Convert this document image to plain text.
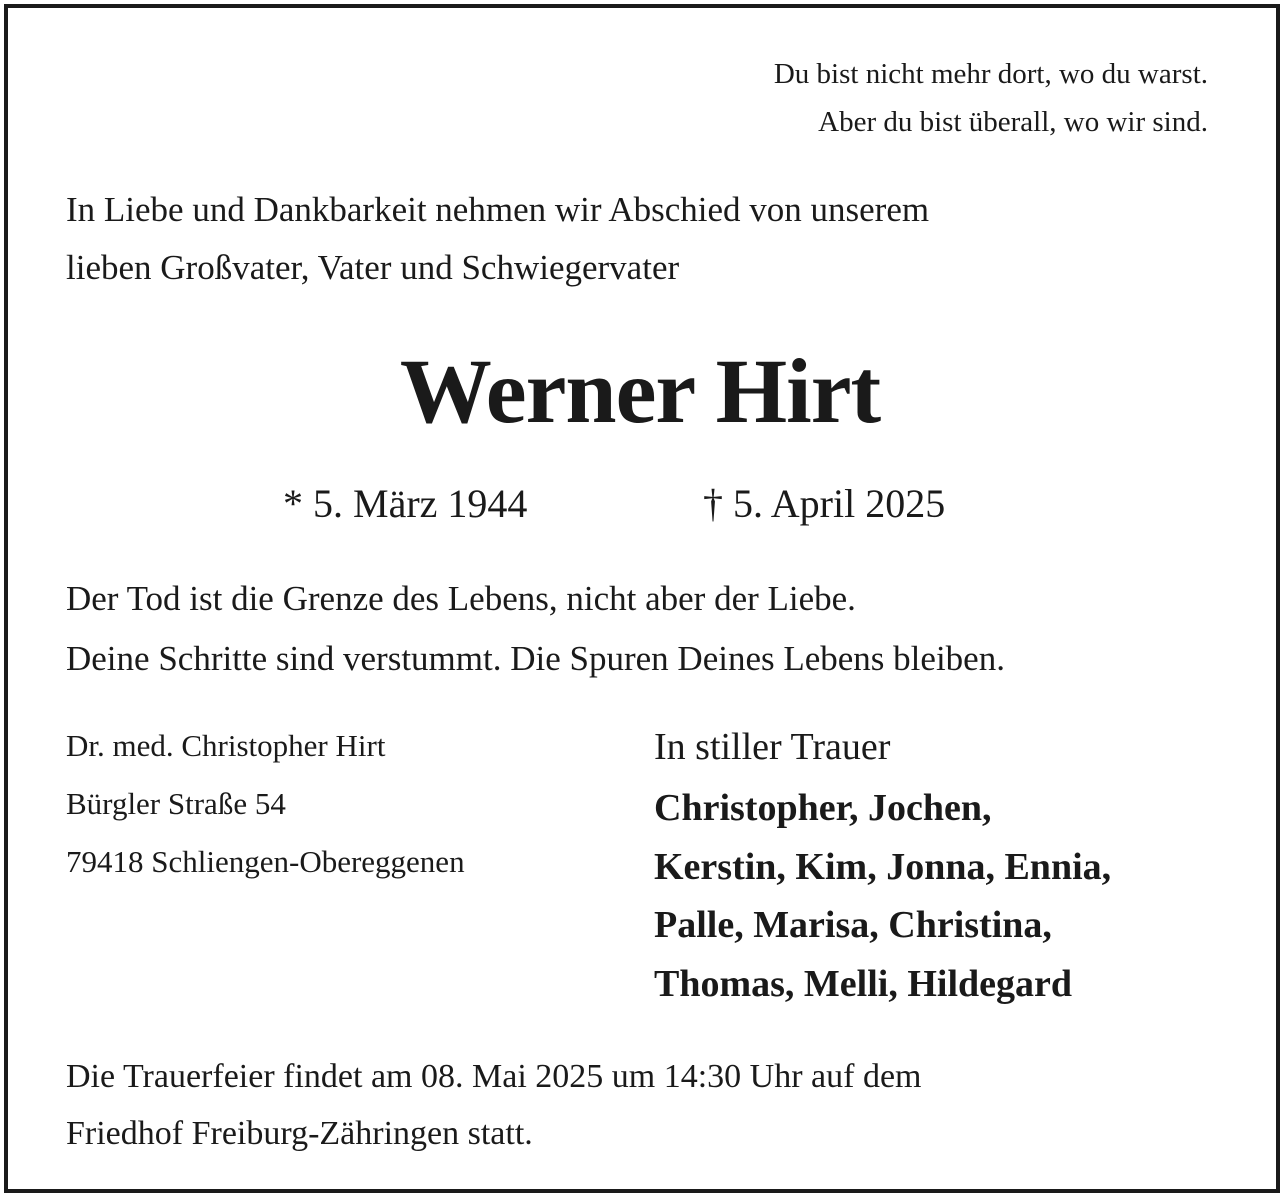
Du bist nicht mehr dort, wo du warst.
Aber du bist überall, wo wir sind.
In Liebe und Dankbarkeit nehmen wir Abschied von unserem
lieben Großvater, Vater und Schwiegervater
Werner Hirt
* 5. März 1944	† 5. April 2025
Der Tod ist die Grenze des Lebens, nicht aber der Liebe.
Deine Schritte sind verstummt. Die Spuren Deines Lebens bleiben.
Dr. med. Christopher Hirt
Bürgler Straße 54
79418 Schliengen-Obereggenen
In stiller Trauer
Christopher, Jochen,
Kerstin, Kim, Jonna, Ennia,
Palle, Marisa, Christina,
Thomas, Melli, Hildegard
Die Trauerfeier findet am 08. Mai 2025 um 14:30 Uhr auf dem
Friedhof Freiburg-Zähringen statt.
